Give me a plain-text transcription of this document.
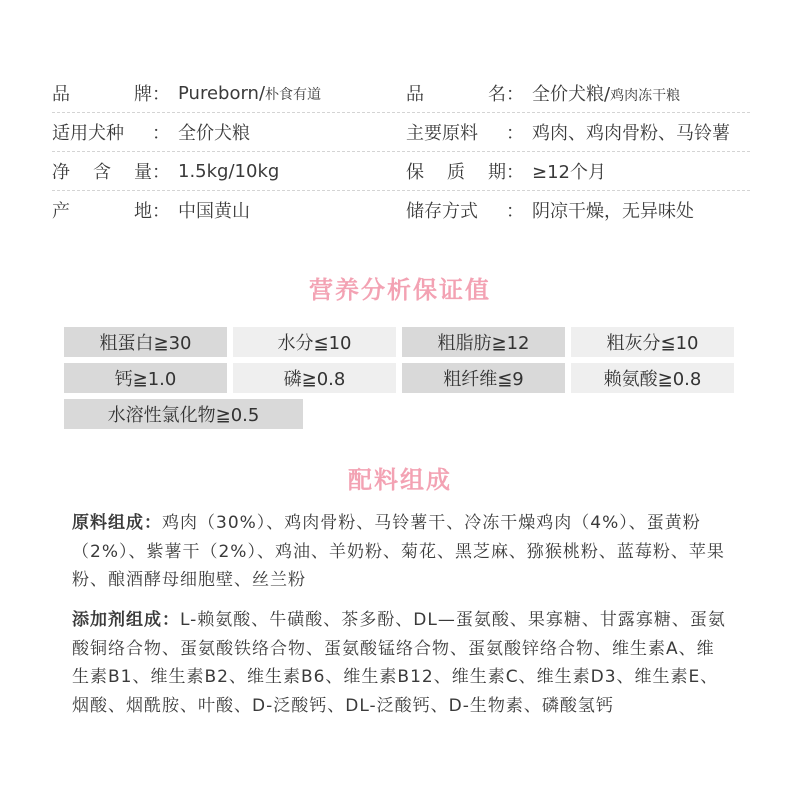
品	牌 ： Pureborn/朴食有道	品	名 ： 全价犬粮/鸡肉冻干粮
适用犬种 ： 全价犬粮	主要原料 ： 鸡肉、鸡肉骨粉、马铃薯
净 含 量 ： 1.5kg/10kg	保 质 期 ： ≥12个月
产	地 ： 中国黄山	储存方式 ： 阴凉干燥，无异味处
营养分析保证值
粗蛋白≧30	水分≦10	粗脂肪≧12	粗灰分≦10
钙≧1.0	磷≧0.8	粗纤维≦9	赖氨酸≧0.8
水溶性氯化物≧0.5
配料组成
原料组成：鸡肉（30%）、鸡肉骨粉、马铃薯干、冷冻干燥鸡肉（4%）、蛋黄粉（2%）、紫薯干（2%）、鸡油、羊奶粉、菊花、黑芝麻、猕猴桃粉、蓝莓粉、苹果粉、酿酒酵母细胞壁、丝兰粉
添加剂组成：L-赖氨酸、牛磺酸、茶多酚、DL—蛋氨酸、果寡糖、甘露寡糖、蛋氨酸铜络合物、蛋氨酸铁络合物、蛋氨酸锰络合物、蛋氨酸锌络合物、维生素A、维生素B1、维生素B2、维生素B6、维生素B12、维生素C、维生素D3、维生素E、烟酸、烟酰胺、叶酸、D-泛酸钙、DL-泛酸钙、D-生物素、磷酸氢钙
